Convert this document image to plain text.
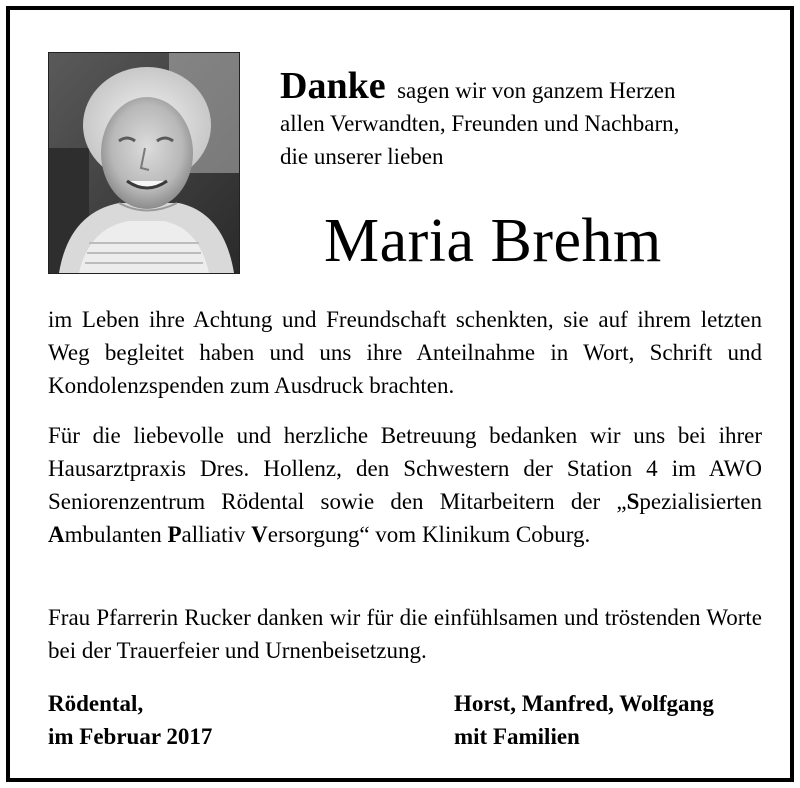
Danke sagen wir von ganzem Herzen
allen Verwandten, Freunden und Nachbarn,
die unserer lieben
Maria Brehm
im Leben ihre Achtung und Freundschaft schenkten, sie auf ihrem letzten Weg begleitet haben und uns ihre Anteilnahme in Wort, Schrift und Kondolenzspenden zum Ausdruck brachten.
Für die liebevolle und herzliche Betreuung bedanken wir uns bei ihrer Hausarztpraxis Dres. Hollenz, den Schwestern der Station 4 im AWO Seniorenzentrum Rödental sowie den Mitarbeitern der „Spezialisierten Ambulanten Palliativ Versorgung“ vom Klinikum Coburg.
Frau Pfarrerin Rucker danken wir für die einfühlsamen und tröstenden Worte bei der Trauerfeier und Urnenbeisetzung.
Rödental,
im Februar 2017
Horst, Manfred, Wolfgang
mit Familien
